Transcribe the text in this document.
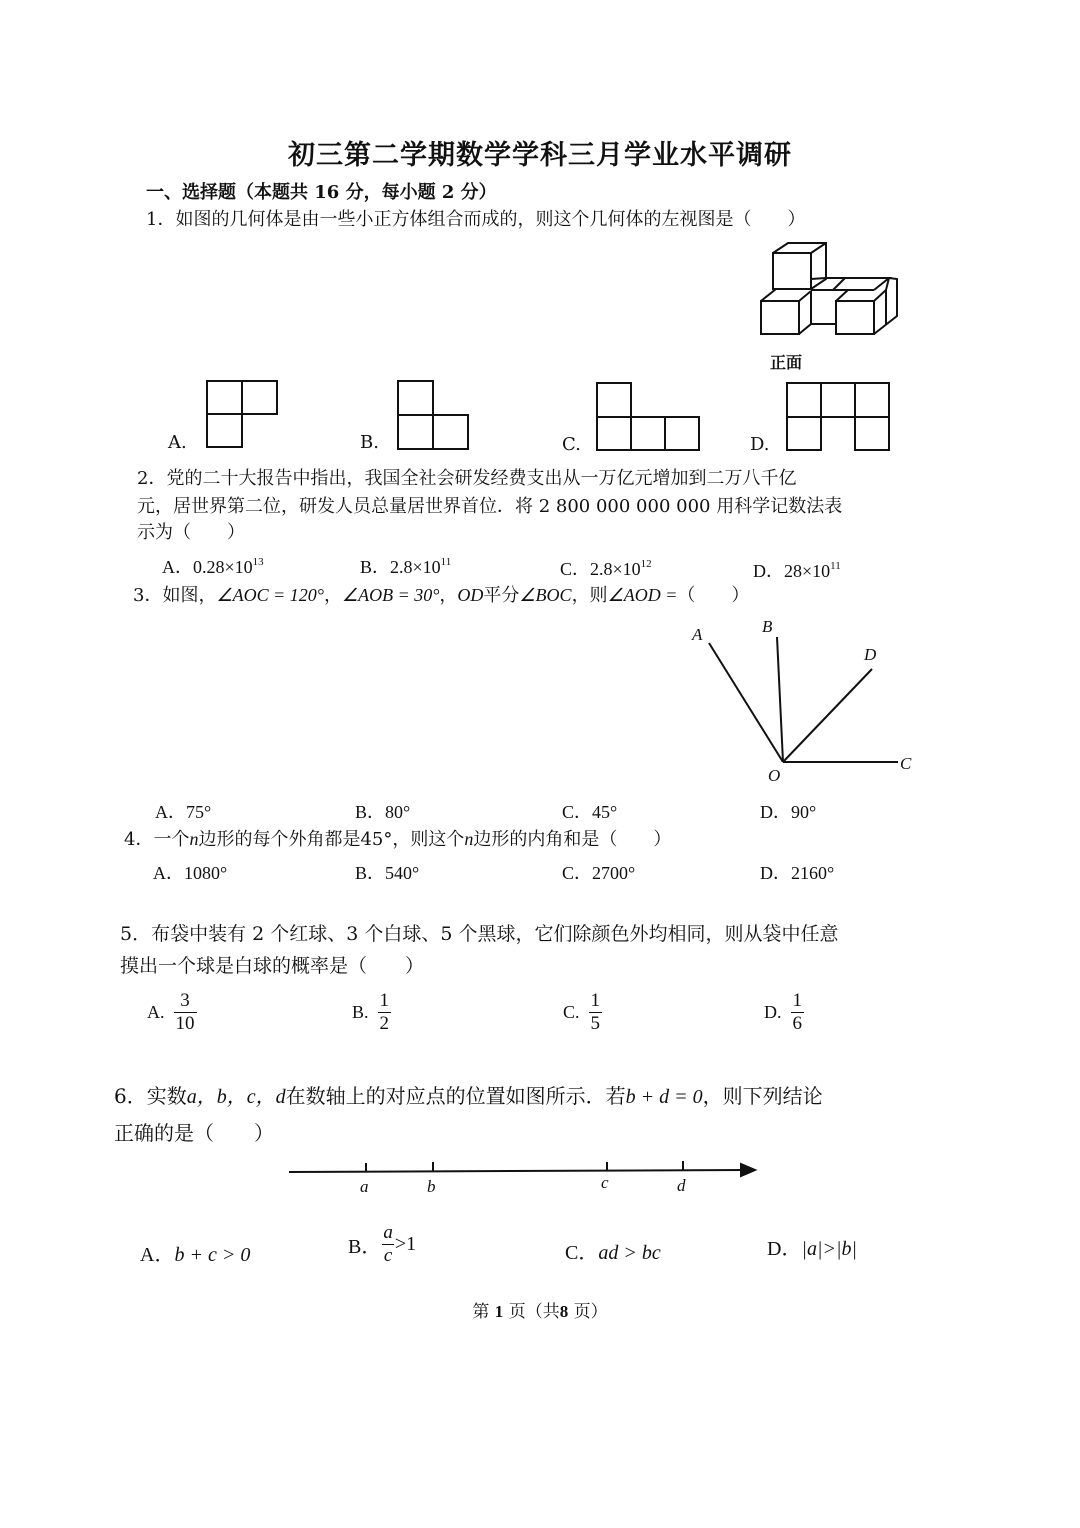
初三第二学期数学学科三月学业水平调研
一、选择题（本题共 16 分，每小题 2 分）
1．如图的几何体是由一些小正方体组合而成的，则这个几何体的左视图是（　　）
正面
A.	B.	C.	D.
2．党的二十大报告中指出，我国全社会研发经费支出从一万亿元增加到二万八千亿
元，居世界第二位，研发人员总量居世界首位．将 2 800 000 000 000 用科学记数法表
示为（　　）
A．$0.28\times 10^{13}$	B．$2.8\times 10^{11}$	C．$2.8\times 10^{12}$	D．$28\times 10^{11}$
3．如图，∠AOC = 120°，∠AOB = 30°，OD平分∠BOC，则∠AOD =（　　）
A	B
D
C
O
A．75°	B．80°	C．45°	D．90°
4．一个n边形的每个外角都是45°，则这个n边形的内角和是（　　）
A．1080°	B．540°	C．2700°	D．2160°
5．布袋中装有 2 个红球、3 个白球、5 个黑球，它们除颜色外均相同，则从袋中任意
摸出一个球是白球的概率是（　　）
A. $\frac{3}{10}$	B. $\frac{1}{2}$	C. $\frac{1}{5}$	D. $\frac{1}{6}$
6．实数a，b，c，d在数轴上的对应点的位置如图所示．若b + d = 0，则下列结论
正确的是（　　）
a	b	c	d
A．b + c > 0	B． $\frac{a}{c} >1$	C．ad > bc	D．|a|>|b|
第 1 页（共8 页）
